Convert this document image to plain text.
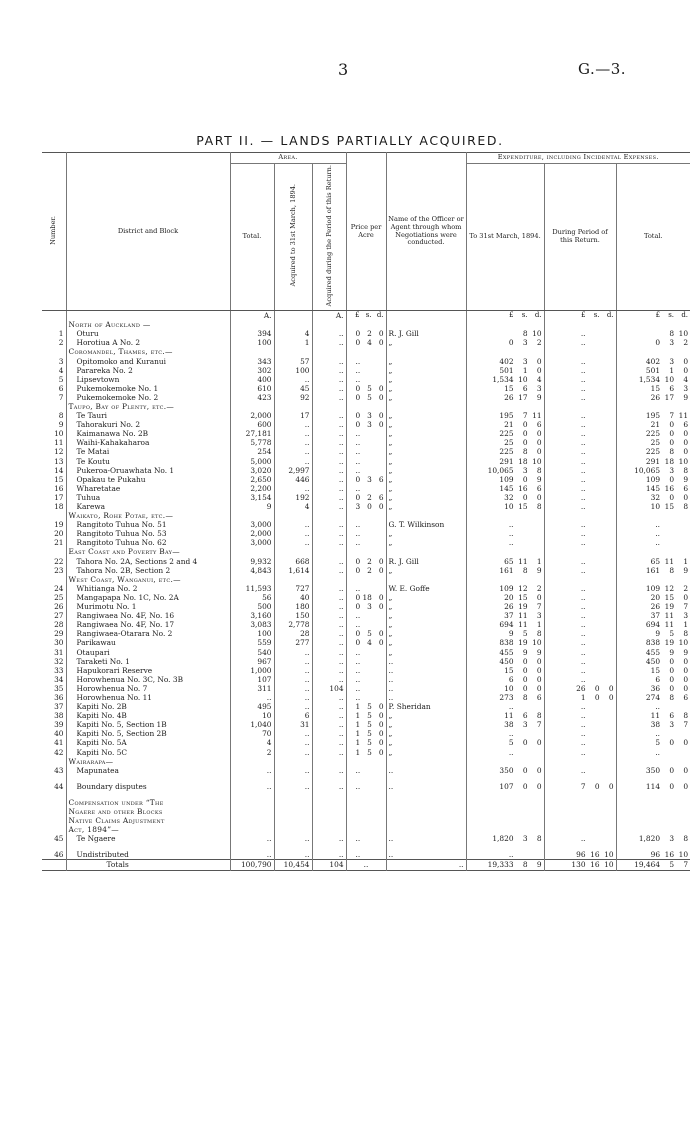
3	G.—3.
PART II. — LANDS PARTIALLY ACQUIRED.
Number.	District and Block	Area.			Price per Acre	Name of the Officer or Agent through whom Negotiations were conducted.	Expenditure, including Incidental Expenses.		
		Total.	Acquired to 31st March, 1894.	Acquired during the Period of this Return.			To 31st March, 1894.	During Period of this Return.	Total.
		A.		A.	£ s. d.		£ s. d.	£ s. d.	£ s. d.

	North of Auckland —								
1	Oturu	394	4	..	0 2 0	R. J. Gill	8 10	..	8 10

2	Horotiua A No. 2	100	1	..	0 4 0	„	0 3 2	..	0 3 2

	Coromandel, Thames, etc.—								
3	Opitomoko and Kuranui	343	57	..	..	„	402 3 0	..	402 3 0

4	Parareka No. 2	302	100	..	..	„	501 1 0	..	501 1 0

5	Lipsevtown	400	..	..	..	„	1,534 10 4	..	1,534 10 4

6	Pukemokemoke No. 1	610	45	..	0 5 0	„	15 6 3	..	15 6 3

7	Pukemokemoke No. 2	423	92	..	0 5 0	„	26 17 9	..	26 17 9

	Taupo, Bay of Plenty, etc.—								
8	Te Tauri	2,000	17	..	0 3 0	„	195 7 11	..	195 7 11

9	Tahorakuri No. 2	600	..	..	0 3 0	„	21 0 6	..	21 0 6

10	Kaimanawa No. 2B	27,181	..	..	..	„	225 0 0	..	225 0 0

11	Waihi-Kahakaharoa	5,778	..	..	..	„	25 0 0	..	25 0 0

12	Te Matai	254	..	..	..	„	225 8 0	..	225 8 0

13	Te Koutu	5,000	..	..	..	„	291 18 10	..	291 18 10

14	Pukeroa-Oruawhata No. 1	3,020	2,997	..	..	„	10,065 3 8	..	10,065 3 8

15	Opakau te Pukahu	2,650	446	..	0 3 6	„	109 0 9	..	109 0 9

16	Wharetatae	2,200	..	..	..	„	145 16 6	..	145 16 6

17	Tuhua	3,154	192	..	0 2 6	„	32 0 0	..	32 0 0

18	Karewa	9	4	..	3 0 0	„	10 15 8	..	10 15 8

	Waikato, Rohe Potae, etc.—								
19	Rangitoto Tuhua No. 51	3,000	..	..	..	G. T. Wilkinson	..	..	..

20	Rangitoto Tuhua No. 53	2,000	..	..	..	„	..	..	..

21	Rangitoto Tuhua No. 62	3,000	..	..	..	„	..	..	..

	East Coast and Poverty Bay—								
22	Tahora No. 2A, Sections 2 and 4	9,932	668	..	0 2 0	R. J. Gill	65 11 1	..	65 11 1

23	Tahora No. 2B, Section 2	4,843	1,614	..	0 2 0	„	161 8 9	..	161 8 9

	West Coast, Wanganui, etc.—								
24	Whitianga No. 2	11,593	727	..	..	W. E. Goffe	109 12 2	..	109 12 2

25	Mangapapa No. 1C, No. 2A	56	40	..	0 18 0	„	20 15 0	..	20 15 0

26	Murimotu No. 1	500	180	..	0 3 0	„	26 19 7	..	26 19 7

27	Rangiwaea No. 4F, No. 16	3,160	150	..	..	„	37 11 3	..	37 11 3

28	Rangiwaea No. 4F, No. 17	3,083	2,778	..	..	„	694 11 1	..	694 11 1

29	Rangiwaea-Otarara No. 2	100	28	..	0 5 0	„	9 5 8	..	9 5 8

30	Parikawau	559	277	..	0 4 0	„	838 19 10	..	838 19 10

31	Otaupari	540	..	..	..	„	455 9 9	..	455 9 9

32	Taraketi No. 1	967	..	..	..	..	450 0 0	..	450 0 0

33	Hapukorari Reserve	1,000	..	..	..	..	15 0 0	..	15 0 0

34	Horowhenua No. 3C, No. 3B	107	..	..	..	..	6 0 0	..	6 0 0

35	Horowhenua No. 7	311	..	104	..	..	10 0 0	26 0 0	36 0 0

36	Horowhenua No. 11	..	..	..	..	..	273 8 6	1 0 0	274 8 6

37	Kapiti No. 2B	495	..	..	1 5 0	P. Sheridan	..	..	..

38	Kapiti No. 4B	10	6	..	1 5 0	„	11 6 8	..	11 6 8

39	Kapiti No. 5, Section 1B	1,040	31	..	1 5 0	„	38 3 7	..	38 3 7

40	Kapiti No. 5, Section 2B	70	..	..	1 5 0	„	..	..	..

41	Kapiti No. 5A	4	..	..	1 5 0	„	5 0 0	..	5 0 0

42	Kapiti No. 5C	2	..	..	1 5 0	„	..	..	..

	Wairarapa—								
43	Mapunatea	..	..	..	..	..	350 0 0	..	350 0 0

44	Boundary disputes	..	..	..	..	..	107 0 0	7 0 0	114 0 0

	Compensation under “The								
	Ngaere and other Blocks								
	Native Claims Adjustment								
	Act, 1894”—								
45	Te Ngaere	..	..	..	..	..	1,820 3 8	..	1,820 3 8

46	Undistributed	..	..	..	..	..	..	96 16 10	96 16 10

	Totals	100,790	10,454	104	..	..	19,333 8 9	130 16 10	19,464 5 7
